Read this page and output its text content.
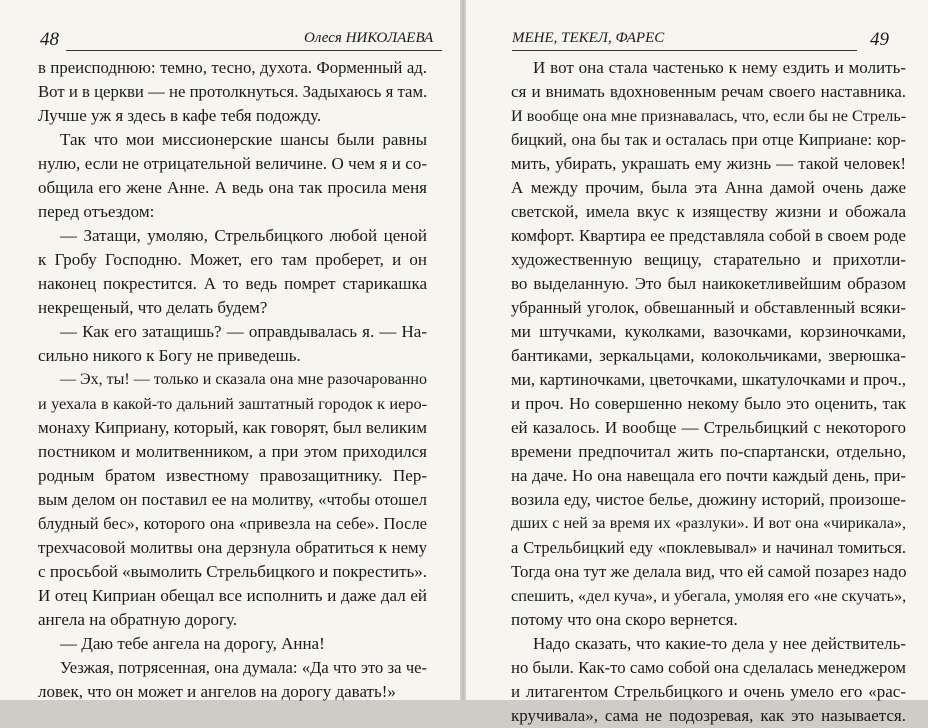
48	Олеся НИКОЛАЕВА
в преисподнюю: темно, тесно, духота. Форменный ад.
Вот и в церкви — не протолкнуться. Задыхаюсь я там.
Лучше уж я здесь в кафе тебя подожду.
Так что мои миссионерские шансы были равны
нулю, если не отрицательной величине. О чем я и со-
общила его жене Анне. А ведь она так просила меня
перед отъездом:
— Затащи, умоляю, Стрельбицкого любой ценой
к Гробу Господню. Может, его там проберет, и он
наконец покрестится. А то ведь помрет старикашка
некрещеный, что делать будем?
— Как его затащишь? — оправдывалась я. — На-
сильно никого к Богу не приведешь.
— Эх, ты! — только и сказала она мне разочарованно
и уехала в какой-то дальний заштатный городок к иеро-
монаху Киприану, который, как говорят, был великим
постником и молитвенником, а при этом приходился
родным братом известному правозащитнику. Пер-
вым делом он поставил ее на молитву, «чтобы отошел
блудный бес», которого она «привезла на себе». После
трехчасовой молитвы она дерзнула обратиться к нему
с просьбой «вымолить Стрельбицкого и покрестить».
И отец Киприан обещал все исполнить и даже дал ей
ангела на обратную дорогу.
— Даю тебе ангела на дорогу, Анна!
Уезжая, потрясенная, она думала: «Да что это за че-
ловек, что он может и ангелов на дорогу давать!»
МЕНЕ, ТЕКЕЛ, ФАРЕС	49
И вот она стала частенько к нему ездить и молить-
ся и внимать вдохновенным речам своего наставника.
И вообще она мне признавалась, что, если бы не Стрель-
бицкий, она бы так и осталась при отце Киприане: кор-
мить, убирать, украшать ему жизнь — такой человек!
А между прочим, была эта Анна дамой очень даже
светской, имела вкус к изяществу жизни и обожала
комфорт. Квартира ее представляла собой в своем роде
художественную вещицу, старательно и прихотли-
во выделанную. Это был наикокетливейшим образом
убранный уголок, обвешанный и обставленный всяки-
ми штучками, куколками, вазочками, корзиночками,
бантиками, зеркальцами, колокольчиками, зверюшка-
ми, картиночками, цветочками, шкатулочками и проч.,
и проч. Но совершенно некому было это оценить, так
ей казалось. И вообще — Стрельбицкий с некоторого
времени предпочитал жить по-спартански, отдельно,
на даче. Но она навещала его почти каждый день, при-
возила еду, чистое белье, дюжину историй, произоше-
дших с ней за время их «разлуки». И вот она «чирикала»,
а Стрельбицкий еду «поклевывал» и начинал томиться.
Тогда она тут же делала вид, что ей самой позарез надо
спешить, «дел куча», и убегала, умоляя его «не скучать»,
потому что она скоро вернется.
Надо сказать, что какие-то дела у нее действитель-
но были. Как-то само собой она сделалась менеджером
и литагентом Стрельбицкого и очень умело его «рас-
кручивала», сама не подозревая, как это называется.
